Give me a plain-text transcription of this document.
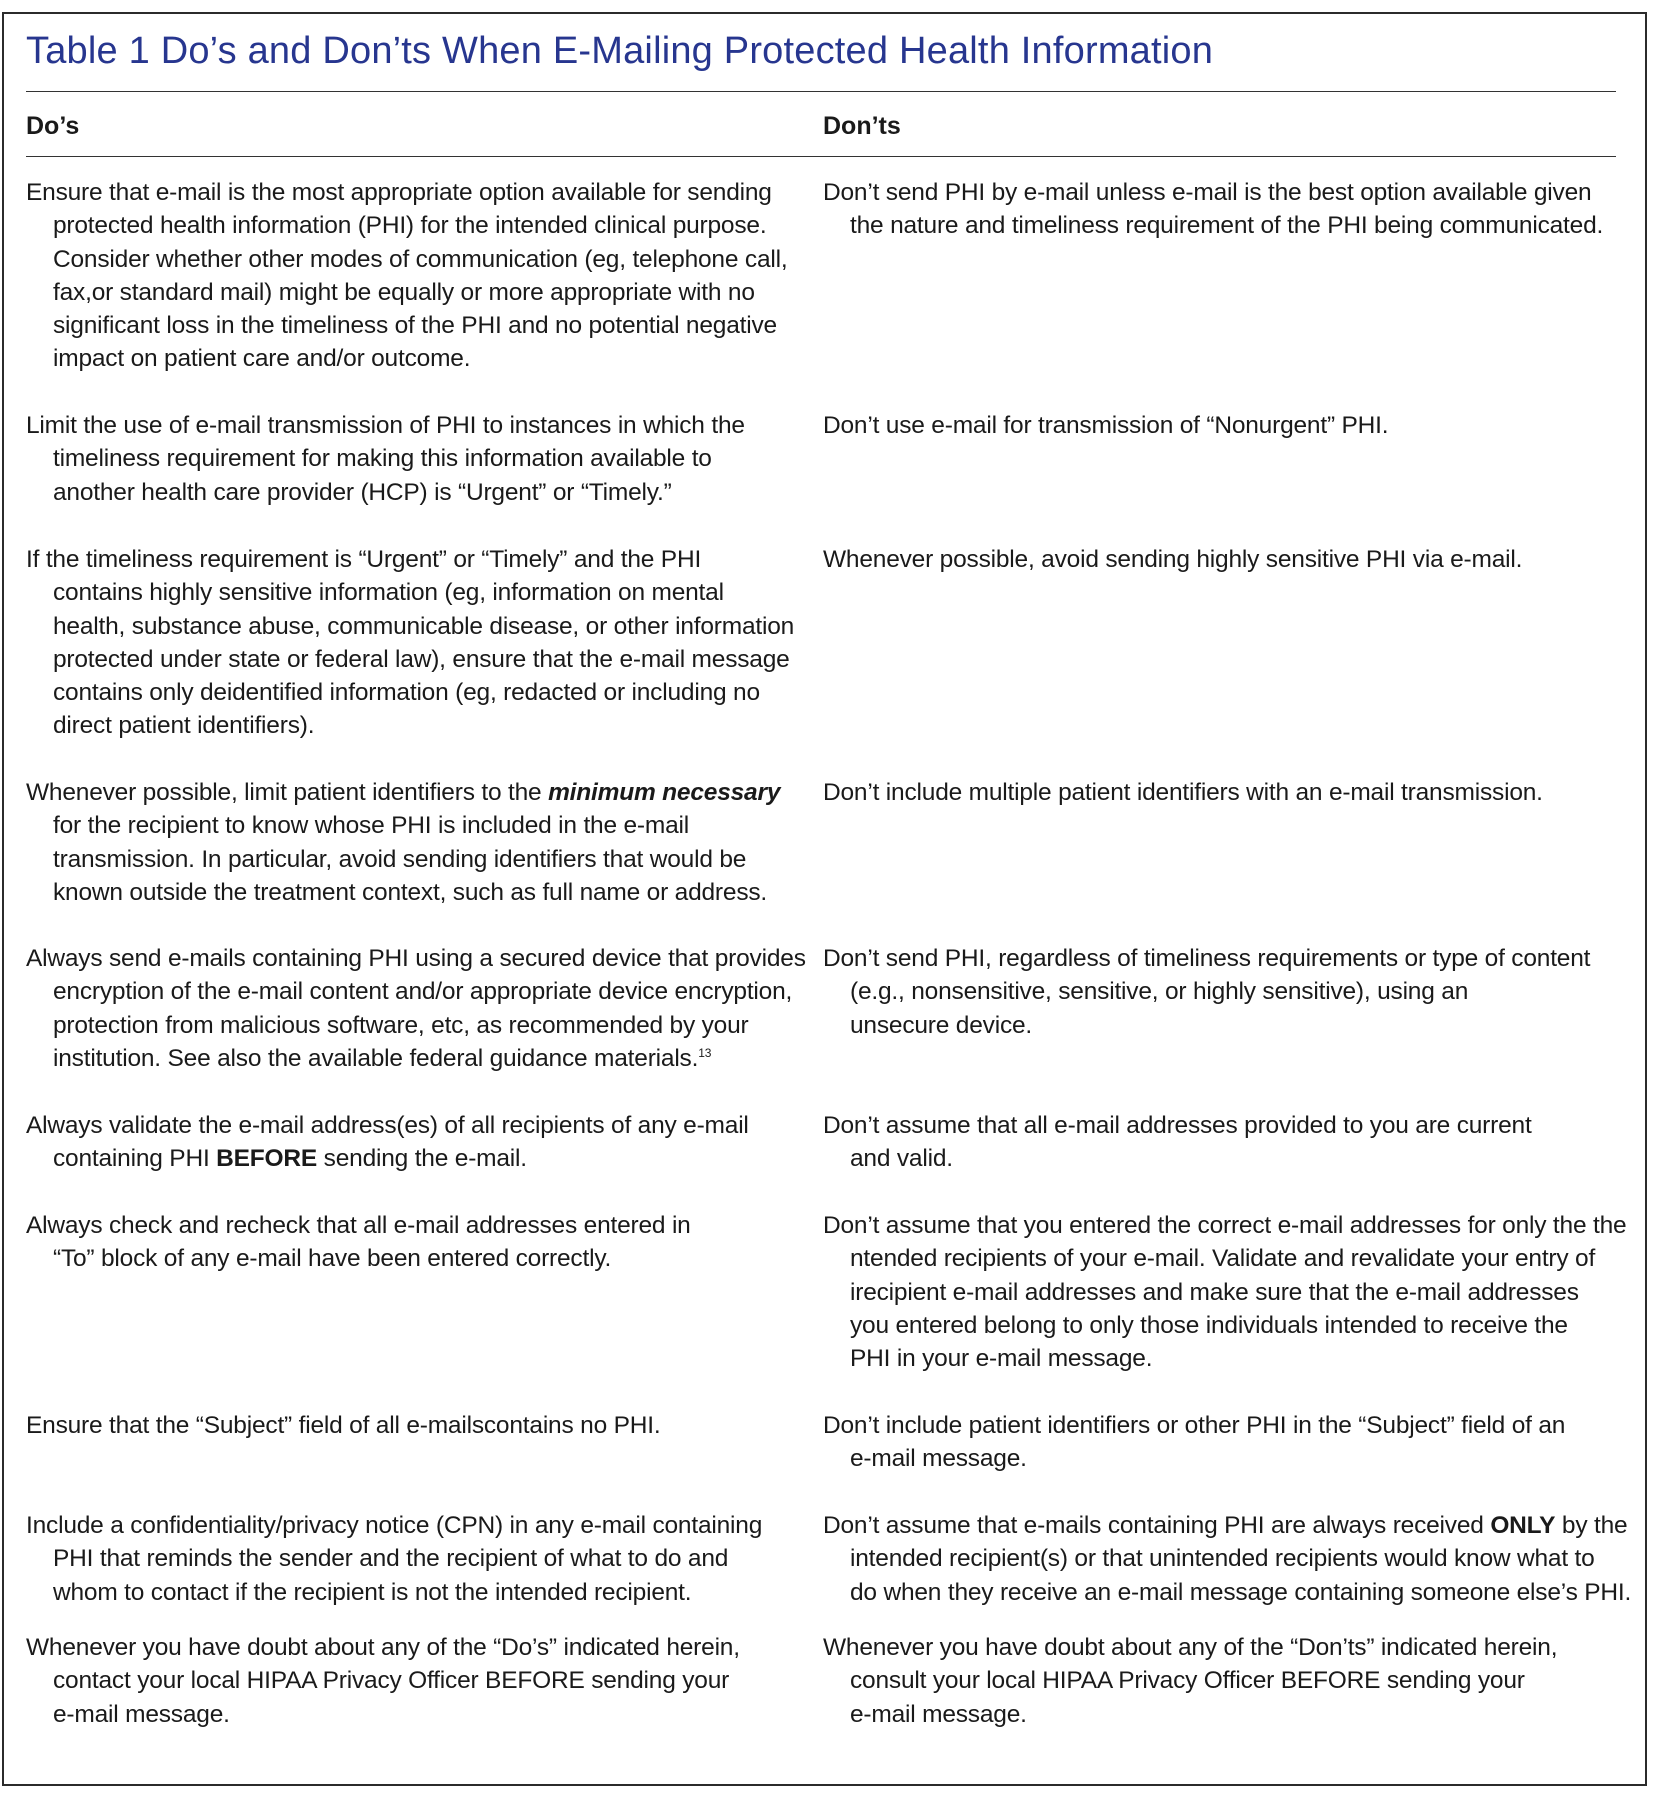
Table 1 Do’s and Don’ts When E-Mailing Protected Health Information
Do’s	Don’ts
Ensure that e-mail is the most appropriate option available for sending
protected health information (PHI) for the intended clinical purpose.
Consider whether other modes of communication (eg, telephone call,
fax,or standard mail) might be equally or more appropriate with no
significant loss in the timeliness of the PHI and no potential negative
impact on patient care and/or outcome.
Don’t send PHI by e-mail unless e-mail is the best option available given
the nature and timeliness requirement of the PHI being communicated.
Limit the use of e-mail transmission of PHI to instances in which the
timeliness requirement for making this information available to
another health care provider (HCP) is “Urgent” or “Timely.”
Don’t use e-mail for transmission of “Nonurgent” PHI.
If the timeliness requirement is “Urgent” or “Timely” and the PHI
contains highly sensitive information (eg, information on mental
health, substance abuse, communicable disease, or other information
protected under state or federal law), ensure that the e-mail message
contains only deidentified information (eg, redacted or including no
direct patient identifiers).
Whenever possible, avoid sending highly sensitive PHI via e-mail.
Whenever possible, limit patient identifiers to the minimum necessary
for the recipient to know whose PHI is included in the e-mail
transmission. In particular, avoid sending identifiers that would be
known outside the treatment context, such as full name or address.
Don’t include multiple patient identifiers with an e-mail transmission.
Always send e-mails containing PHI using a secured device that provides
encryption of the e-mail content and/or appropriate device encryption,
protection from malicious software, etc, as recommended by your
institution. See also the available federal guidance materials.$^{13}$
Don’t send PHI, regardless of timeliness requirements or type of content
(e.g., nonsensitive, sensitive, or highly sensitive), using an
unsecure device.
Always validate the e-mail address(es) of all recipients of any e-mail
containing PHI BEFORE sending the e-mail.
Don’t assume that all e-mail addresses provided to you are current
and valid.
Always check and recheck that all e-mail addresses entered in
“To” block of any e-mail have been entered correctly.
Don’t assume that you entered the correct e-mail addresses for only the the
ntended recipients of your e-mail. Validate and revalidate your entry of
irecipient e-mail addresses and make sure that the e-mail addresses
you entered belong to only those individuals intended to receive the
PHI in your e-mail message.
Ensure that the “Subject” field of all e-mailscontains no PHI.	Don’t include patient identifiers or other PHI in the “Subject” field of an
e-mail message.
Include a confidentiality/privacy notice (CPN) in any e-mail containing
PHI that reminds the sender and the recipient of what to do and
whom to contact if the recipient is not the intended recipient.
Don’t assume that e-mails containing PHI are always received ONLY by the
intended recipient(s) or that unintended recipients would know what to
do when they receive an e-mail message containing someone else’s PHI.
Whenever you have doubt about any of the “Do’s” indicated herein,
contact your local HIPAA Privacy Officer BEFORE sending your
e-mail message.
Whenever you have doubt about any of the “Don’ts” indicated herein,
consult your local HIPAA Privacy Officer BEFORE sending your
e-mail message.
